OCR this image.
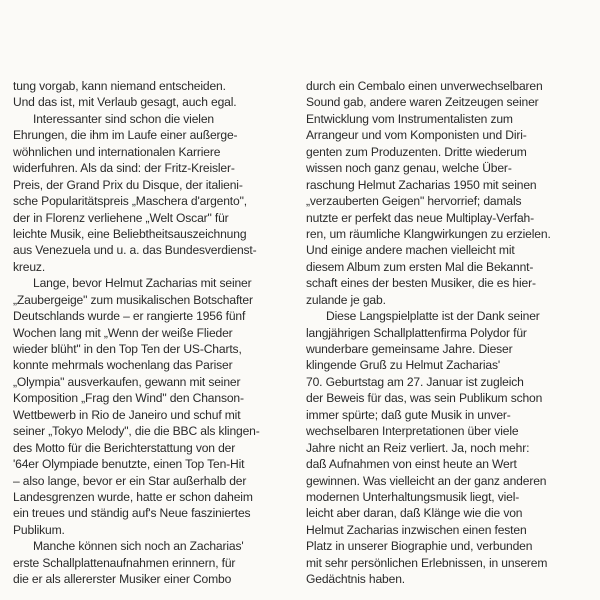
tung vorgab, kann niemand entscheiden.
Und das ist, mit Verlaub gesagt, auch egal.
Interessanter sind schon die vielen
Ehrungen, die ihm im Laufe einer außerge-
wöhnlichen und internationalen Karriere
widerfuhren. Als da sind: der Fritz-Kreisler-
Preis, der Grand Prix du Disque, der italieni-
sche Popularitätspreis „Maschera d'argento",
der in Florenz verliehene „Welt Oscar" für
leichte Musik, eine Beliebtheitsauszeichnung
aus Venezuela und u. a. das Bundesverdienst-
kreuz.
Lange, bevor Helmut Zacharias mit seiner
„Zaubergeige" zum musikalischen Botschafter
Deutschlands wurde – er rangierte 1956 fünf
Wochen lang mit „Wenn der weiße Flieder
wieder blüht" in den Top Ten der US-Charts,
konnte mehrmals wochenlang das Pariser
„Olympia" ausverkaufen, gewann mit seiner
Komposition „Frag den Wind" den Chanson-
Wettbewerb in Rio de Janeiro und schuf mit
seiner „Tokyo Melody", die die BBC als klingen-
des Motto für die Berichterstattung von der
'64er Olympiade benutzte, einen Top Ten-Hit
– also lange, bevor er ein Star außerhalb der
Landesgrenzen wurde, hatte er schon daheim
ein treues und ständig auf's Neue fasziniertes
Publikum.
Manche können sich noch an Zacharias'
erste Schallplattenaufnahmen erinnern, für
die er als allererster Musiker einer Combo
durch ein Cembalo einen unverwechselbaren
Sound gab, andere waren Zeitzeugen seiner
Entwicklung vom Instrumentalisten zum
Arrangeur und vom Komponisten und Diri-
genten zum Produzenten. Dritte wiederum
wissen noch ganz genau, welche Über-
raschung Helmut Zacharias 1950 mit seinen
„verzauberten Geigen" hervorrief; damals
nutzte er perfekt das neue Multiplay-Verfah-
ren, um räumliche Klangwirkungen zu erzielen.
Und einige andere machen vielleicht mit
diesem Album zum ersten Mal die Bekannt-
schaft eines der besten Musiker, die es hier-
zulande je gab.
Diese Langspielplatte ist der Dank seiner
langjährigen Schallplattenfirma Polydor für
wunderbare gemeinsame Jahre. Dieser
klingende Gruß zu Helmut Zacharias'
70. Geburtstag am 27. Januar ist zugleich
der Beweis für das, was sein Publikum schon
immer spürte; daß gute Musik in unver-
wechselbaren Interpretationen über viele
Jahre nicht an Reiz verliert. Ja, noch mehr:
daß Aufnahmen von einst heute an Wert
gewinnen. Was vielleicht an der ganz anderen
modernen Unterhaltungsmusik liegt, viel-
leicht aber daran, daß Klänge wie die von
Helmut Zacharias inzwischen einen festen
Platz in unserer Biographie und, verbunden
mit sehr persönlichen Erlebnissen, in unserem
Gedächtnis haben.
